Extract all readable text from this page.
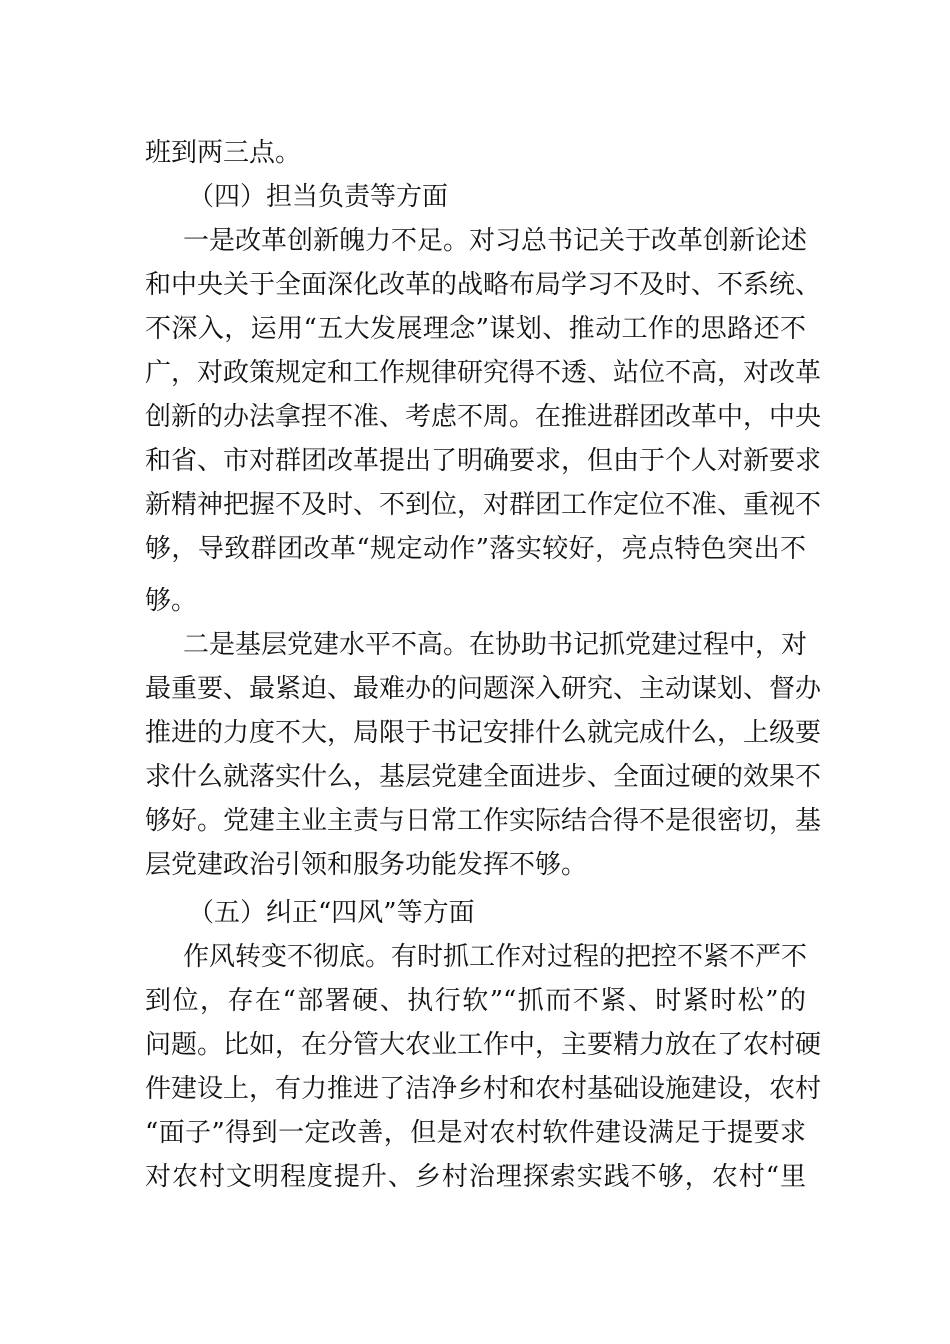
班到两三点。
（四）担当负责等方面
一是改革创新魄力不足。对习总书记关于改革创新论述
和中央关于全面深化改革的战略布局学习不及时、不系统、
不深入，运用“五大发展理念”谋划、推动工作的思路还不
广，对政策规定和工作规律研究得不透、站位不高，对改革
创新的办法拿捏不准、考虑不周。在推进群团改革中，中央
和省、市对群团改革提出了明确要求，但由于个人对新要求
新精神把握不及时、不到位，对群团工作定位不准、重视不
够，导致群团改革“规定动作”落实较好，亮点特色突出不
够。
二是基层党建水平不高。在协助书记抓党建过程中，对
最重要、最紧迫、最难办的问题深入研究、主动谋划、督办
推进的力度不大，局限于书记安排什么就完成什么，上级要
求什么就落实什么，基层党建全面进步、全面过硬的效果不
够好。党建主业主责与日常工作实际结合得不是很密切，基
层党建政治引领和服务功能发挥不够。
（五）纠正“四风”等方面
作风转变不彻底。有时抓工作对过程的把控不紧不严不
到位，存在“部署硬、执行软”“抓而不紧、时紧时松”的
问题。比如，在分管大农业工作中，主要精力放在了农村硬
件建设上，有力推进了洁净乡村和农村基础设施建设，农村
“面子”得到一定改善，但是对农村软件建设满足于提要求
对农村文明程度提升、乡村治理探索实践不够，农村“里
